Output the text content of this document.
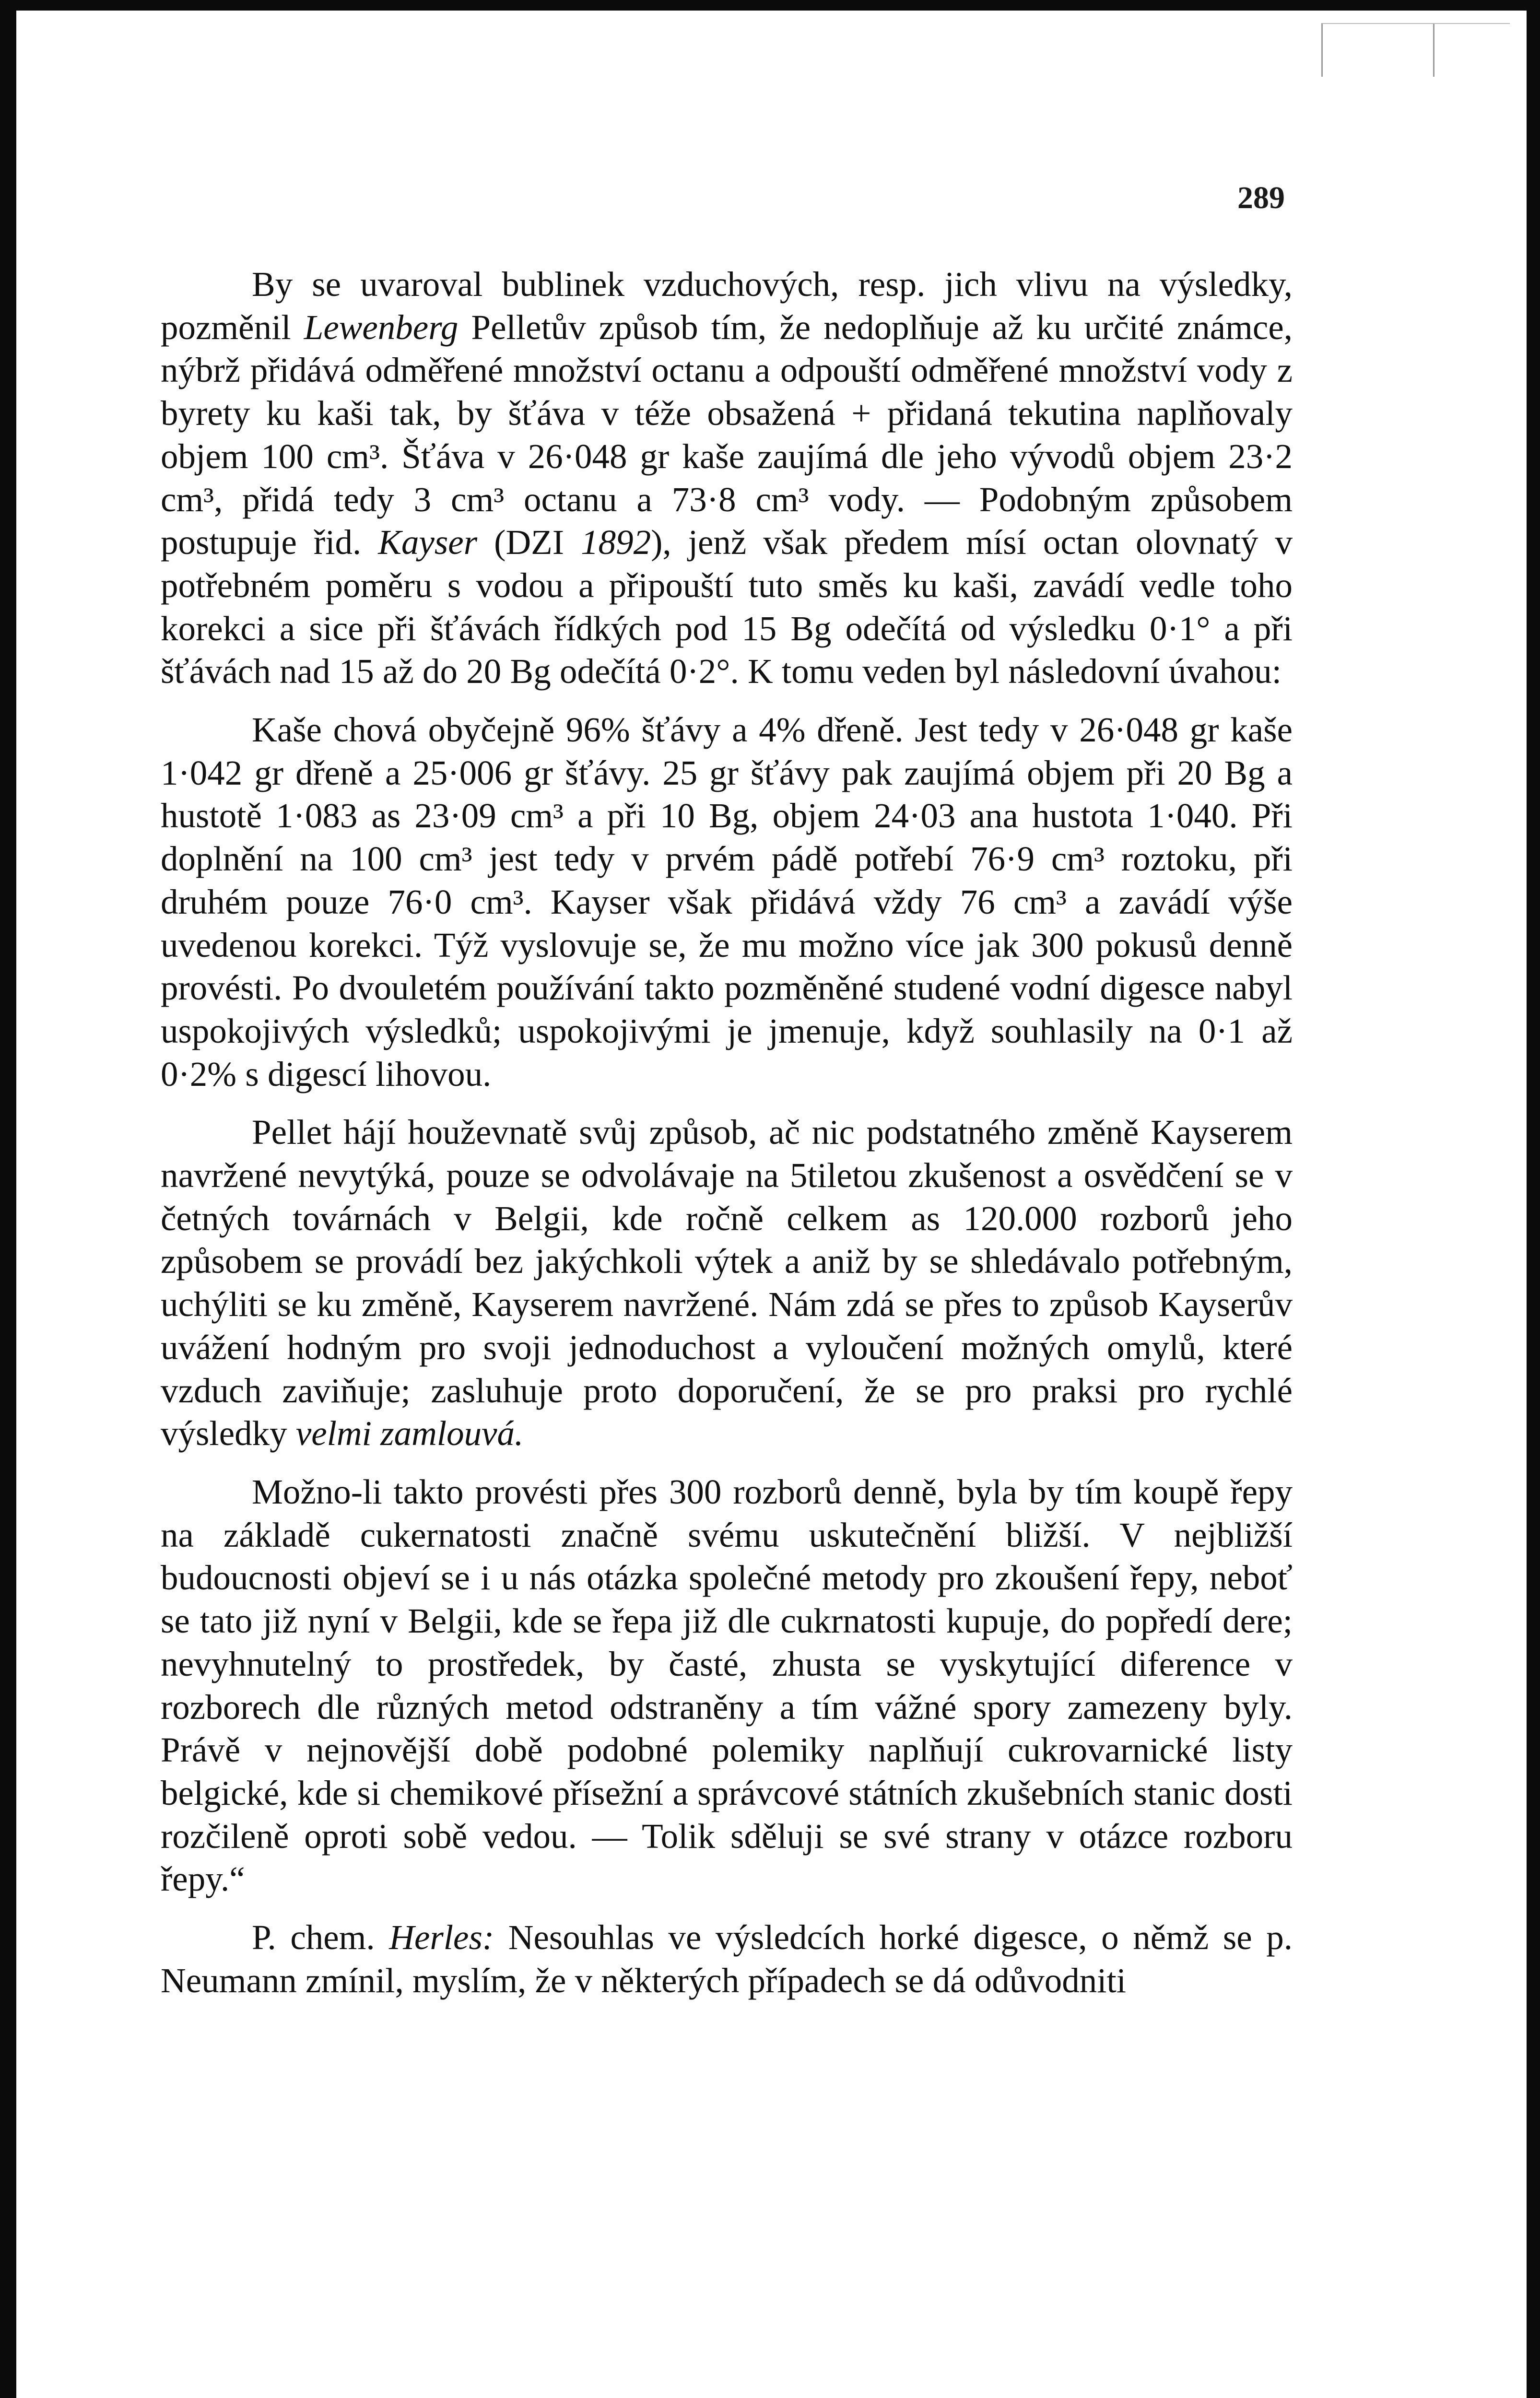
289

By se uvaroval bublinek vzduchových, resp. jich vlivu na výsledky, pozměnil Lewenberg Pelletův způsob tím, že nedoplňuje až ku určité známce, nýbrž přidává odměřené množství octanu a odpouští odměřené množství vody z byrety ku kaši tak, by šťáva v téže obsažená + přidaná tekutina naplňovaly objem 100 cm³. Šťáva v 26·048 gr kaše zaujímá dle jeho vývodů objem 23·2 cm³, přidá tedy 3 cm³ octanu a 73·8 cm³ vody. — Podobným způsobem postupuje řid. Kayser (DZI 1892), jenž však předem mísí octan olovnatý v potřebném poměru s vodou a připouští tuto směs ku kaši, zavádí vedle toho korekci a sice při šťávách řídkých pod 15 Bg odečítá od výsledku 0·1° a při šťávách nad 15 až do 20 Bg odečítá 0·2°. K tomu veden byl následovní úvahou:

Kaše chová obyčejně 96% šťávy a 4% dřeně. Jest tedy v 26·048 gr kaše 1·042 gr dřeně a 25·006 gr šťávy. 25 gr šťávy pak zaujímá objem při 20 Bg a hustotě 1·083 as 23·09 cm³ a při 10 Bg, objem 24·03 ana hustota 1·040. Při doplnění na 100 cm³ jest tedy v prvém pádě potřebí 76·9 cm³ roztoku, při druhém pouze 76·0 cm³. Kayser však přidává vždy 76 cm³ a zavádí výše uvedenou korekci. Týž vyslovuje se, že mu možno více jak 300 pokusů denně provésti. Po dvouletém používání takto pozměněné studené vodní digesce nabyl uspokojivých výsledků; uspokojivými je jmenuje, když souhlasily na 0·1 až 0·2% s digescí lihovou.

Pellet hájí houževnatě svůj způsob, ač nic podstatného změně Kayserem navržené nevytýká, pouze se odvolávaje na 5tiletou zkušenost a osvědčení se v četných továrnách v Belgii, kde ročně celkem as 120.000 rozborů jeho způsobem se provádí bez jakýchkoli výtek a aniž by se shledávalo potřebným, uchýliti se ku změně, Kayserem navržené. Nám zdá se přes to způsob Kayserův uvážení hodným pro svoji jednoduchost a vyloučení možných omylů, které vzduch zaviňuje; zasluhuje proto doporučení, že se pro praksi pro rychlé výsledky velmi zamlouvá.

Možno-li takto provésti přes 300 rozborů denně, byla by tím koupě řepy na základě cukernatosti značně svému uskutečnění bližší. V nejbližší budoucnosti objeví se i u nás otázka společné metody pro zkoušení řepy, neboť se tato již nyní v Belgii, kde se řepa již dle cukrnatosti kupuje, do popředí dere; nevyhnutelný to prostředek, by časté, zhusta se vyskytující diference v rozborech dle různých metod odstraněny a tím vážné spory zamezeny byly. Právě v nejnovější době podobné polemiky naplňují cukrovarnické listy belgické, kde si chemikové přísežní a správcové státních zkušebních stanic dosti rozčileně oproti sobě vedou. — Tolik sděluji se své strany v otázce rozboru řepy.“

P. chem. Herles: Nesouhlas ve výsledcích horké digesce, o němž se p. Neumann zmínil, myslím, že v některých případech se dá odůvodniti
